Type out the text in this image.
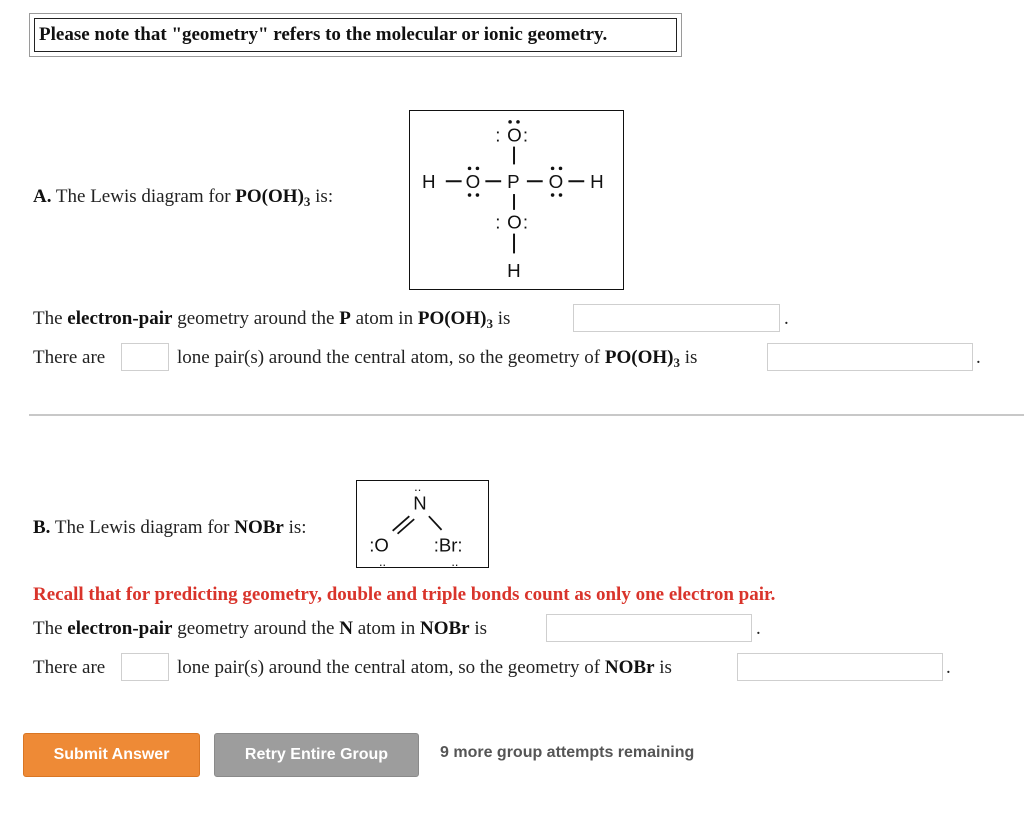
Please note that "geometry" refers to the molecular or ionic geometry.
A. The Lewis diagram for $PO(OH)_3$ is:
: O :
H O P O H
: O :
H
The electron-pair geometry around the P atom in $PO(OH)_3$ is	.
There are	lone pair(s) around the central atom, so the geometry of $PO(OH)_3$ is	.
B. The Lewis diagram for NOBr is:
..
N
:O :Br:
..	..
Recall that for predicting geometry, double and triple bonds count as only one electron pair.
The electron-pair geometry around the N atom in NOBr is	.
There are	lone pair(s) around the central atom, so the geometry of NOBr is	.
Submit Answer	Retry Entire Group	9 more group attempts remaining
